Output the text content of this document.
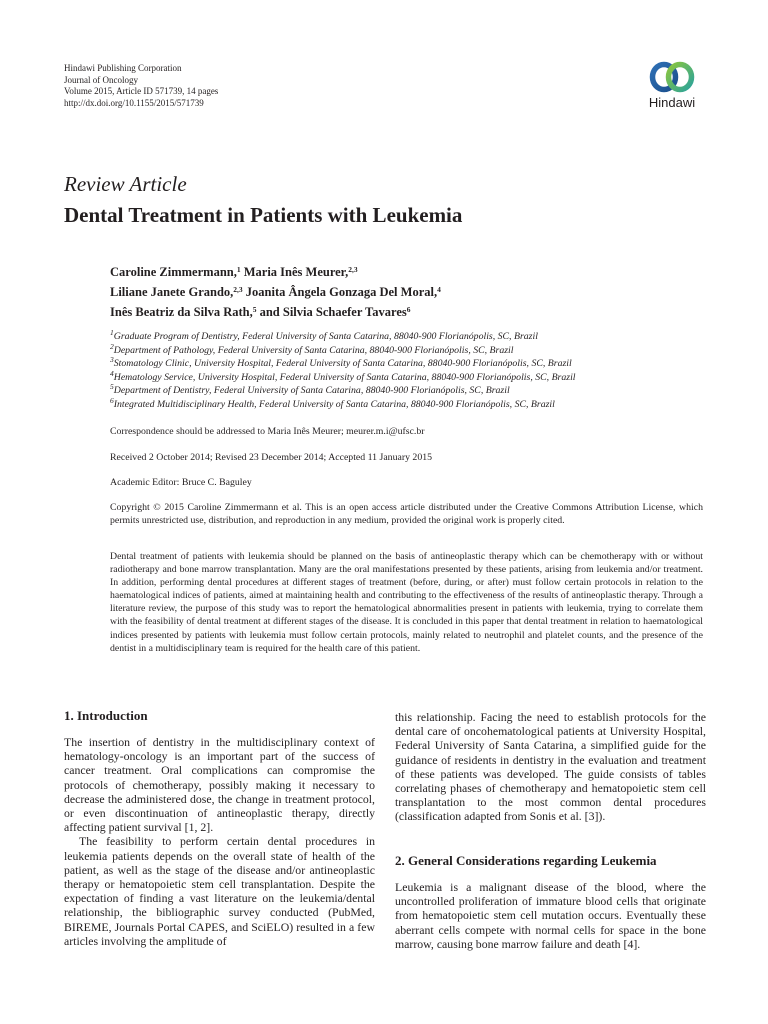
Hindawi Publishing Corporation
Journal of Oncology
Volume 2015, Article ID 571739, 14 pages
http://dx.doi.org/10.1155/2015/571739	Hindawi
Review Article
Dental Treatment in Patients with Leukemia
Caroline Zimmermann,$^1$ Maria Inês Meurer,$^{2,3}$
Liliane Janete Grando,$^{2,3}$ Joanita Ângela Gonzaga Del Moral,$^4$
Inês Beatriz da Silva Rath,$^5$ and Silvia Schaefer Tavares$^6$
$^1$Graduate Program of Dentistry, Federal University of Santa Catarina, 88040-900 Florianópolis, SC, Brazil
$^2$Department of Pathology, Federal University of Santa Catarina, 88040-900 Florianópolis, SC, Brazil
$^3$Stomatology Clinic, University Hospital, Federal University of Santa Catarina, 88040-900 Florianópolis, SC, Brazil
$^4$Hematology Service, University Hospital, Federal University of Santa Catarina, 88040-900 Florianópolis, SC, Brazil
$^5$Department of Dentistry, Federal University of Santa Catarina, 88040-900 Florianópolis, SC, Brazil
$^6$Integrated Multidisciplinary Health, Federal University of Santa Catarina, 88040-900 Florianópolis, SC, Brazil
Correspondence should be addressed to Maria Inês Meurer; meurer.m.i@ufsc.br
Received 2 October 2014; Revised 23 December 2014; Accepted 11 January 2015
Academic Editor: Bruce C. Baguley
Copyright © 2015 Caroline Zimmermann et al. This is an open access article distributed under the Creative Commons Attribution License, which permits unrestricted use, distribution, and reproduction in any medium, provided the original work is properly cited.
Dental treatment of patients with leukemia should be planned on the basis of antineoplastic therapy which can be chemotherapy with or without radiotherapy and bone marrow transplantation. Many are the oral manifestations presented by these patients, arising from leukemia and/or treatment. In addition, performing dental procedures at different stages of treatment (before, during, or after) must follow certain protocols in relation to the haematological indices of patients, aimed at maintaining health and contributing to the effectiveness of the results of antineoplastic therapy. Through a literature review, the purpose of this study was to report the hematological abnormalities present in patients with leukemia, trying to correlate them with the feasibility of dental treatment at different stages of the disease. It is concluded in this paper that dental treatment in relation to haematological indices presented by patients with leukemia must follow certain protocols, mainly related to neutrophil and platelet counts, and the presence of the dentist in a multidisciplinary team is required for the health care of this patient.
1. Introduction

The insertion of dentistry in the multidisciplinary context of hematology-oncology is an important part of the success of cancer treatment. Oral complications can compromise the protocols of chemotherapy, possibly making it necessary to decrease the administered dose, the change in treatment protocol, or even discontinuation of antineoplastic therapy, directly affecting patient survival [1, 2].

The feasibility to perform certain dental procedures in leukemia patients depends on the overall state of health of the patient, as well as the stage of the disease and/or antineoplastic therapy or hematopoietic stem cell transplantation. Despite the expectation of finding a vast literature on the leukemia/dental relationship, the bibliographic survey conducted (PubMed, BIREME, Journals Portal CAPES, and SciELO) resulted in a few articles involving the amplitude of

this relationship. Facing the need to establish protocols for the dental care of oncohematological patients at University Hospital, Federal University of Santa Catarina, a simplified guide for the guidance of residents in dentistry in the evaluation and treatment of these patients was developed. The guide consists of tables correlating phases of chemotherapy and hematopoietic stem cell transplantation to the most common dental procedures (classification adapted from Sonis et al. [3]).

2. General Considerations regarding Leukemia

Leukemia is a malignant disease of the blood, where the uncontrolled proliferation of immature blood cells that originate from hematopoietic stem cell mutation occurs. Eventually these aberrant cells compete with normal cells for space in the bone marrow, causing bone marrow failure and death [4].
